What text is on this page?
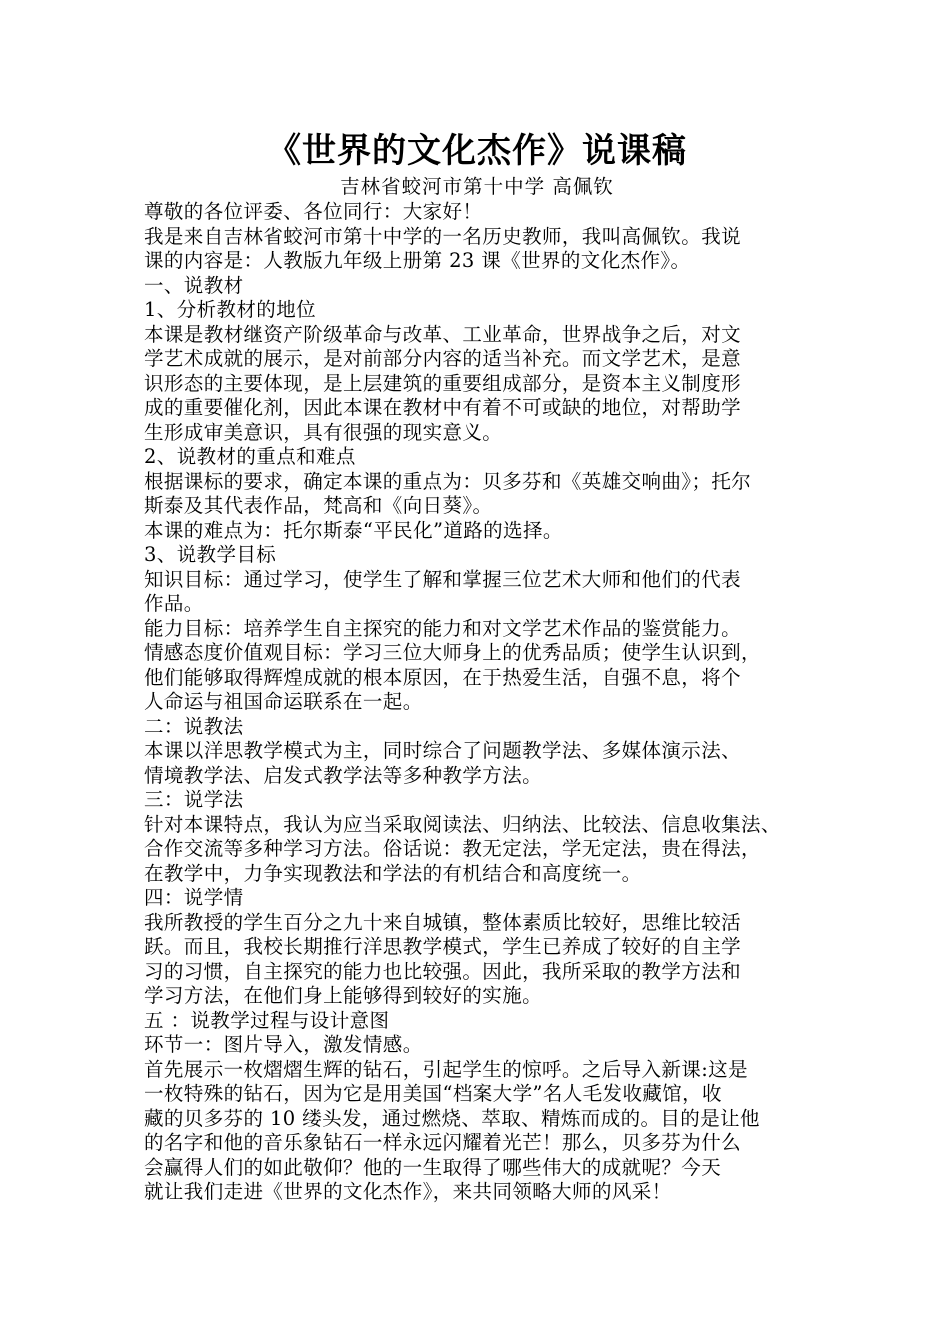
《世界的文化杰作》说课稿

吉林省蛟河市第十中学 高佩钦

尊敬的各位评委、各位同行：大家好！
我是来自吉林省蛟河市第十中学的一名历史教师，我叫高佩钦。我说
课的内容是：人教版九年级上册第 23 课《世界的文化杰作》。
一、说教材
1、分析教材的地位
本课是教材继资产阶级革命与改革、工业革命，世界战争之后，对文
学艺术成就的展示，是对前部分内容的适当补充。而文学艺术，是意
识形态的主要体现，是上层建筑的重要组成部分，是资本主义制度形
成的重要催化剂，因此本课在教材中有着不可或缺的地位，对帮助学
生形成审美意识，具有很强的现实意义。
2、说教材的重点和难点
根据课标的要求，确定本课的重点为：贝多芬和《英雄交响曲》；托尔
斯泰及其代表作品，梵高和《向日葵》。
本课的难点为：托尔斯泰“平民化”道路的选择。
3、说教学目标
知识目标：通过学习，使学生了解和掌握三位艺术大师和他们的代表
作品。
能力目标：培养学生自主探究的能力和对文学艺术作品的鉴赏能力。
情感态度价值观目标：学习三位大师身上的优秀品质；使学生认识到，
他们能够取得辉煌成就的根本原因，在于热爱生活，自强不息，将个
人命运与祖国命运联系在一起。
二：说教法
本课以洋思教学模式为主，同时综合了问题教学法、多媒体演示法、
情境教学法、启发式教学法等多种教学方法。
三：说学法
针对本课特点，我认为应当采取阅读法、归纳法、比较法、信息收集法、
合作交流等多种学习方法。俗话说：教无定法，学无定法，贵在得法，
在教学中，力争实现教法和学法的有机结合和高度统一。
四：说学情
我所教授的学生百分之九十来自城镇，整体素质比较好，思维比较活
跃。而且，我校长期推行洋思教学模式，学生已养成了较好的自主学
习的习惯，自主探究的能力也比较强。因此，我所采取的教学方法和
学习方法，在他们身上能够得到较好的实施。
五 ：说教学过程与设计意图
环节一：图片导入，激发情感。
首先展示一枚熠熠生辉的钻石，引起学生的惊呼。之后导入新课:这是
一枚特殊的钻石，因为它是用美国“档案大学”名人毛发收藏馆，收
藏的贝多芬的 10 缕头发，通过燃烧、萃取、精炼而成的。目的是让他
的名字和他的音乐象钻石一样永远闪耀着光芒！那么，贝多芬为什么
会赢得人们的如此敬仰？他的一生取得了哪些伟大的成就呢？今天
就让我们走进《世界的文化杰作》，来共同领略大师的风采！
